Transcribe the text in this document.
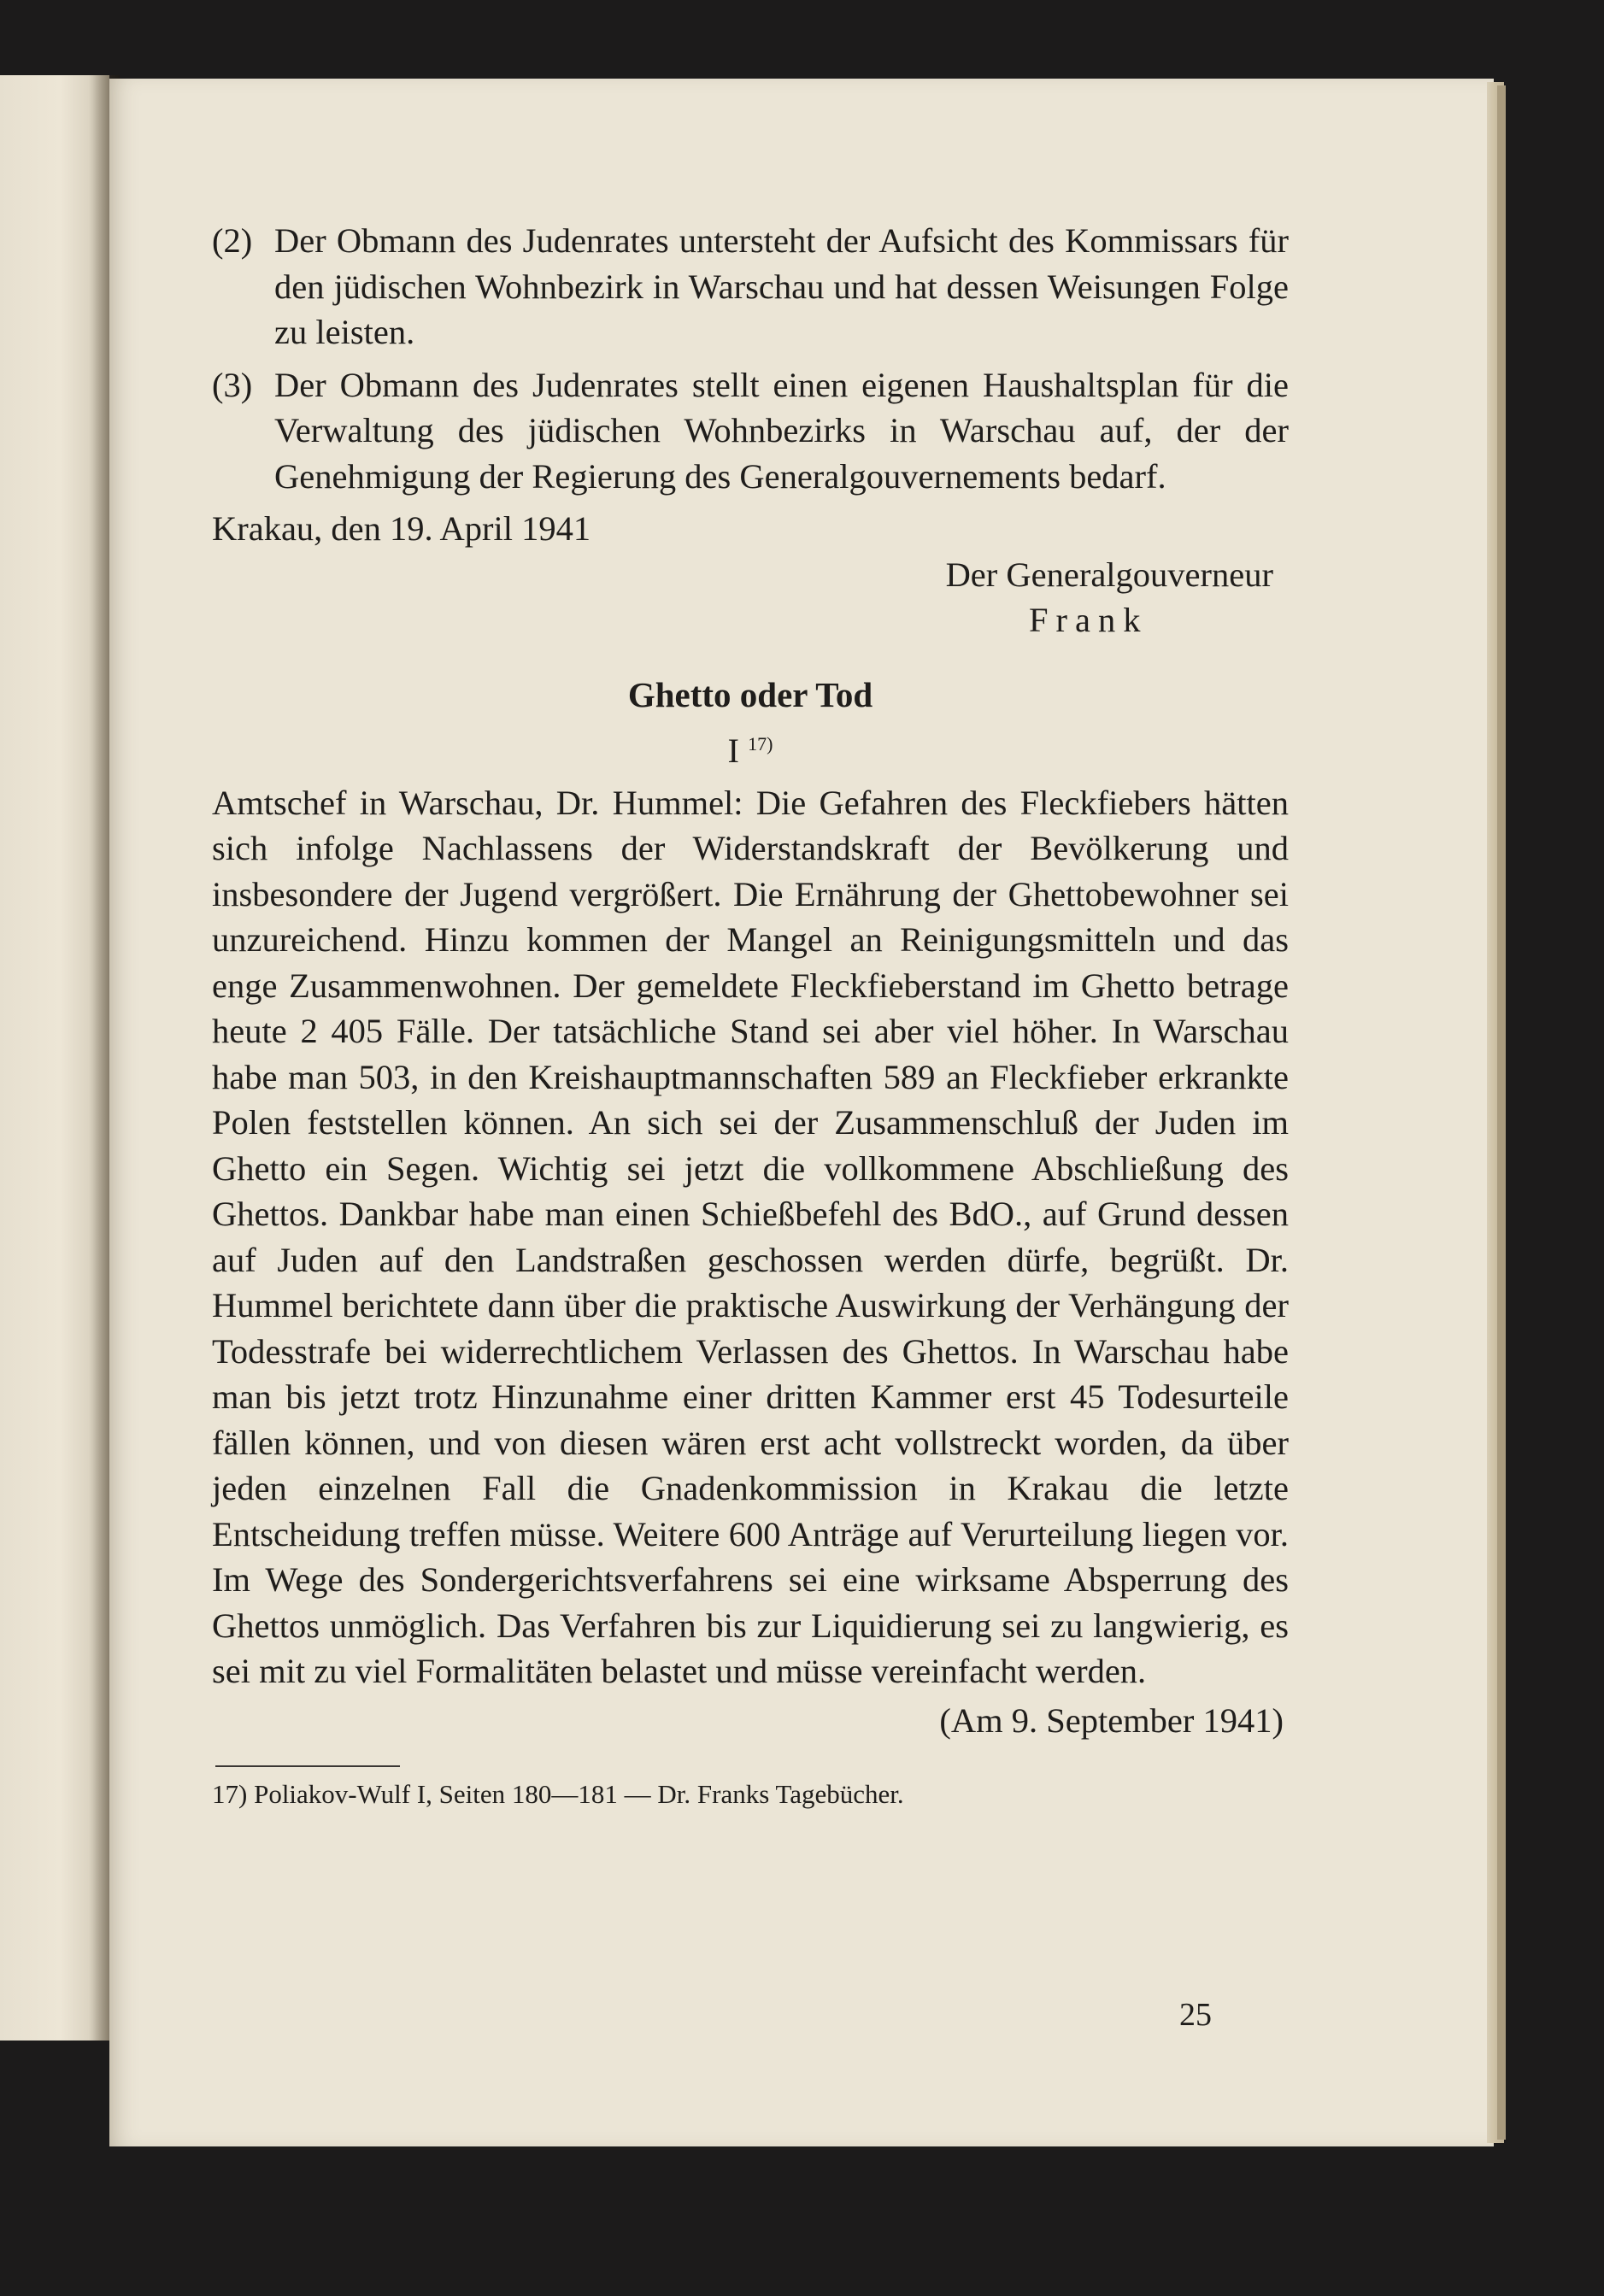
(2) Der Obmann des Judenrates untersteht der Aufsicht des Kommissars für den jüdischen Wohnbezirk in Warschau und hat dessen Weisungen Folge zu leisten.

(3) Der Obmann des Judenrates stellt einen eigenen Haushaltsplan für die Verwaltung des jüdischen Wohnbezirks in Warschau auf, der der Genehmigung der Regierung des Generalgouvernements bedarf.

Krakau, den 19. April 1941

Der Generalgouverneur

Frank

Ghetto oder Tod

I $^{17)}$

Amtschef in Warschau, Dr. Hummel: Die Gefahren des Fleckfiebers hätten sich infolge Nachlassens der Widerstandskraft der Bevölkerung und insbesondere der Jugend vergrößert. Die Ernährung der Ghettobewohner sei unzureichend. Hinzu kommen der Mangel an Reinigungsmitteln und das enge Zusammenwohnen. Der gemeldete Fleckfieberstand im Ghetto betrage heute 2 405 Fälle. Der tatsächliche Stand sei aber viel höher. In Warschau habe man 503, in den Kreishauptmannschaften 589 an Fleckfieber erkrankte Polen feststellen können. An sich sei der Zusammenschluß der Juden im Ghetto ein Segen. Wichtig sei jetzt die vollkommene Abschließung des Ghettos. Dankbar habe man einen Schießbefehl des BdO., auf Grund dessen auf Juden auf den Landstraßen geschossen werden dürfe, begrüßt. Dr. Hummel berichtete dann über die praktische Auswirkung der Verhängung der Todesstrafe bei widerrechtlichem Verlassen des Ghettos. In Warschau habe man bis jetzt trotz Hinzunahme einer dritten Kammer erst 45 Todesurteile fällen können, und von diesen wären erst acht vollstreckt worden, da über jeden einzelnen Fall die Gnadenkommission in Krakau die letzte Entscheidung treffen müsse. Weitere 600 Anträge auf Verurteilung liegen vor. Im Wege des Sondergerichtsverfahrens sei eine wirksame Absperrung des Ghettos unmöglich. Das Verfahren bis zur Liquidierung sei zu langwierig, es sei mit zu viel Formalitäten belastet und müsse vereinfacht werden.

(Am 9. September 1941)

17) Poliakov-Wulf I, Seiten 180—181 — Dr. Franks Tagebücher.

25
